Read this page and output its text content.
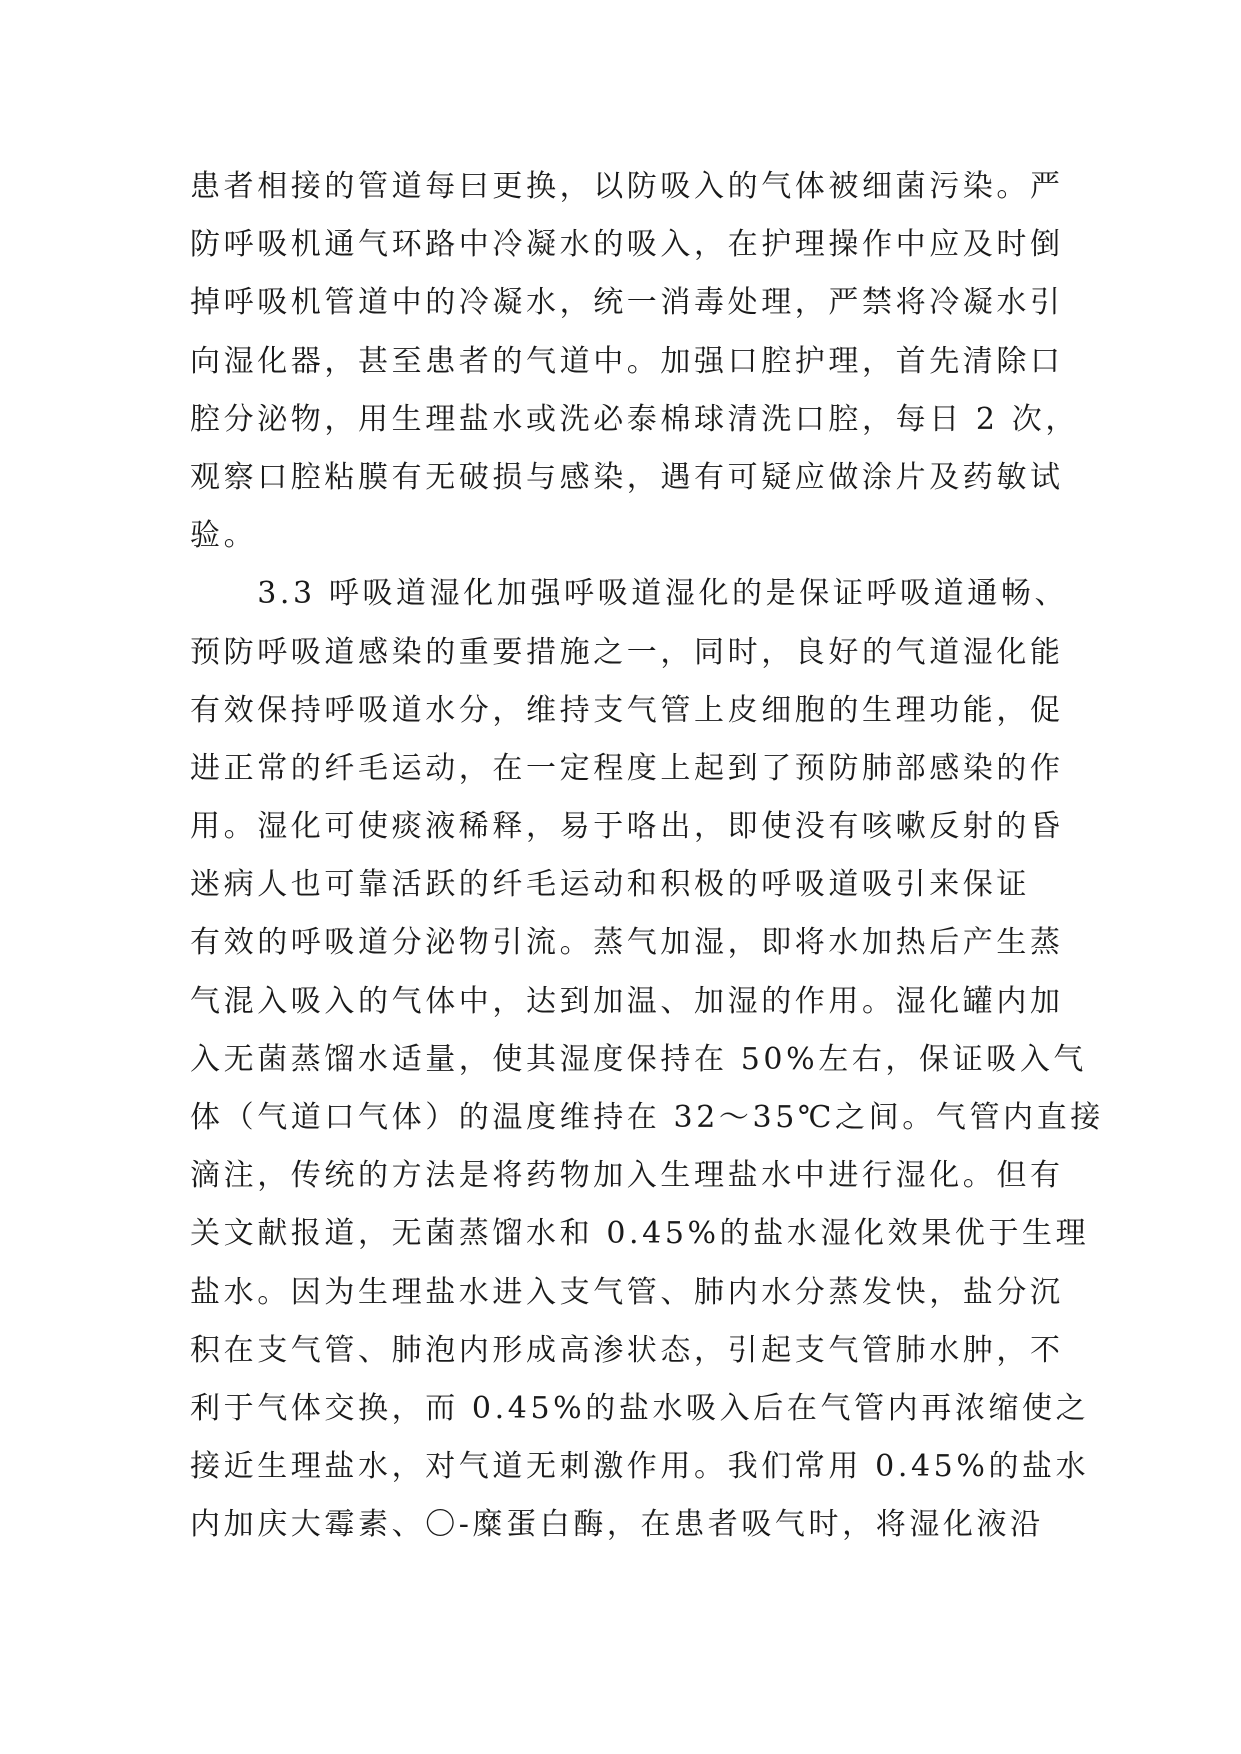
患者相接的管道每曰更换，以防吸入的气体被细菌污染。严
防呼吸机通气环路中冷凝水的吸入，在护理操作中应及时倒
掉呼吸机管道中的冷凝水，统一消毒处理，严禁将冷凝水引
向湿化器，甚至患者的气道中。加强口腔护理，首先清除口
腔分泌物，用生理盐水或洗必泰棉球清洗口腔，每日 2 次，
观察口腔粘膜有无破损与感染，遇有可疑应做涂片及药敏试
验。
　　3.3 呼吸道湿化加强呼吸道湿化的是保证呼吸道通畅、
预防呼吸道感染的重要措施之一，同时，良好的气道湿化能
有效保持呼吸道水分，维持支气管上皮细胞的生理功能，促
进正常的纤毛运动，在一定程度上起到了预防肺部感染的作
用。湿化可使痰液稀释，易于咯出，即使没有咳嗽反射的昏
迷病人也可靠活跃的纤毛运动和积极的呼吸道吸引来保证
有效的呼吸道分泌物引流。蒸气加湿，即将水加热后产生蒸
气混入吸入的气体中，达到加温、加湿的作用。湿化罐内加
入无菌蒸馏水适量，使其湿度保持在 50%左右，保证吸入气
体（气道口气体）的温度维持在 32～35℃之间。气管内直接
滴注，传统的方法是将药物加入生理盐水中进行湿化。但有
关文献报道，无菌蒸馏水和 0.45%的盐水湿化效果优于生理
盐水。因为生理盐水进入支气管、肺内水分蒸发快，盐分沉
积在支气管、肺泡内形成高渗状态，引起支气管肺水肿，不
利于气体交换，而 0.45%的盐水吸入后在气管内再浓缩使之
接近生理盐水，对气道无刺激作用。我们常用 0.45%的盐水
内加庆大霉素、〇-糜蛋白酶，在患者吸气时，将湿化液沿
